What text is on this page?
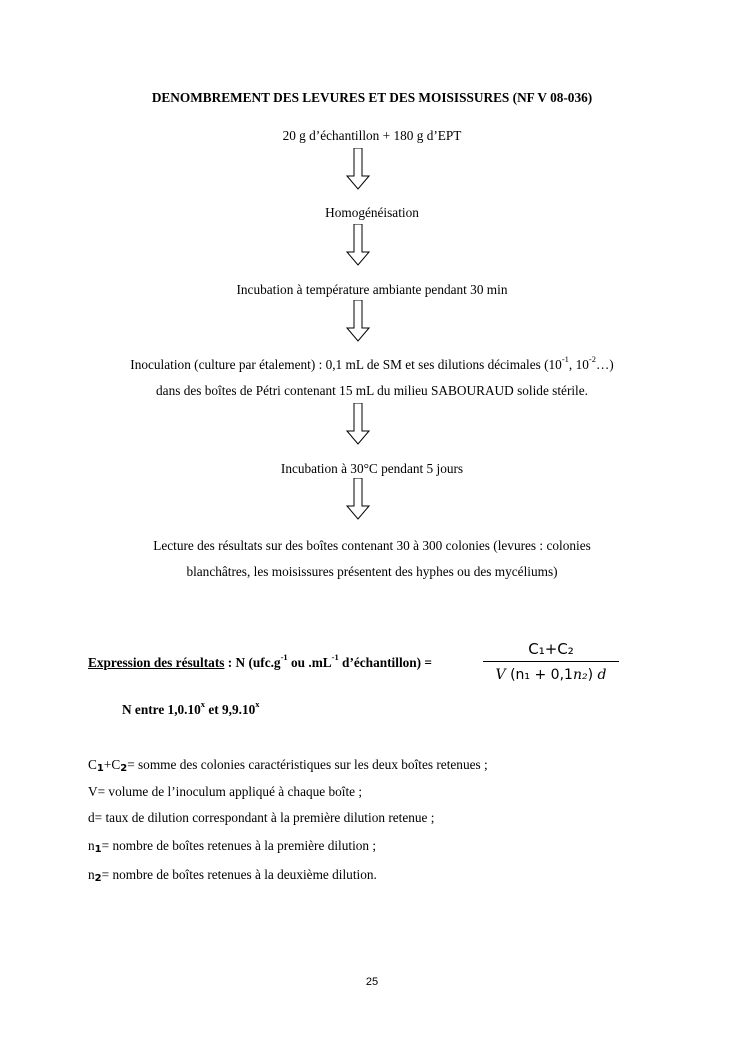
DENOMBREMENT DES LEVURES ET DES MOISISSURES (NF V 08-036)
20 g d’échantillon + 180 g d’EPT
Homogénéisation
Incubation à température ambiante pendant 30 min
Inoculation (culture par étalement) : 0,1 mL de SM et ses dilutions décimales ($10^{-1}$, $10^{-2}\dots$)
dans des boîtes de Pétri contenant 15 mL du milieu SABOURAUD solide stérile.
Incubation à 30°C pendant 5 jours
Lecture des résultats sur des boîtes contenant 30 à 300 colonies (levures : colonies
blanchâtres, les moisissures présentent des hyphes ou des mycéliums)
Expression des résultats : N ($ufc.g^{-1}$ ou $.mL^{-1}$ d’échantillon) =
C₁+C₂
V (n₁ + 0,1n₂) d
N entre 1,0.10$^x$ et 9,9.10$^x$
$C_1+C_2=$ somme des colonies caractéristiques sur les deux boîtes retenues ;
V= volume de l’inoculum appliqué à chaque boîte ;
d= taux de dilution correspondant à la première dilution retenue ;
$n_1=$ nombre de boîtes retenues à la première dilution ;
$n_2=$ nombre de boîtes retenues à la deuxième dilution.
25
